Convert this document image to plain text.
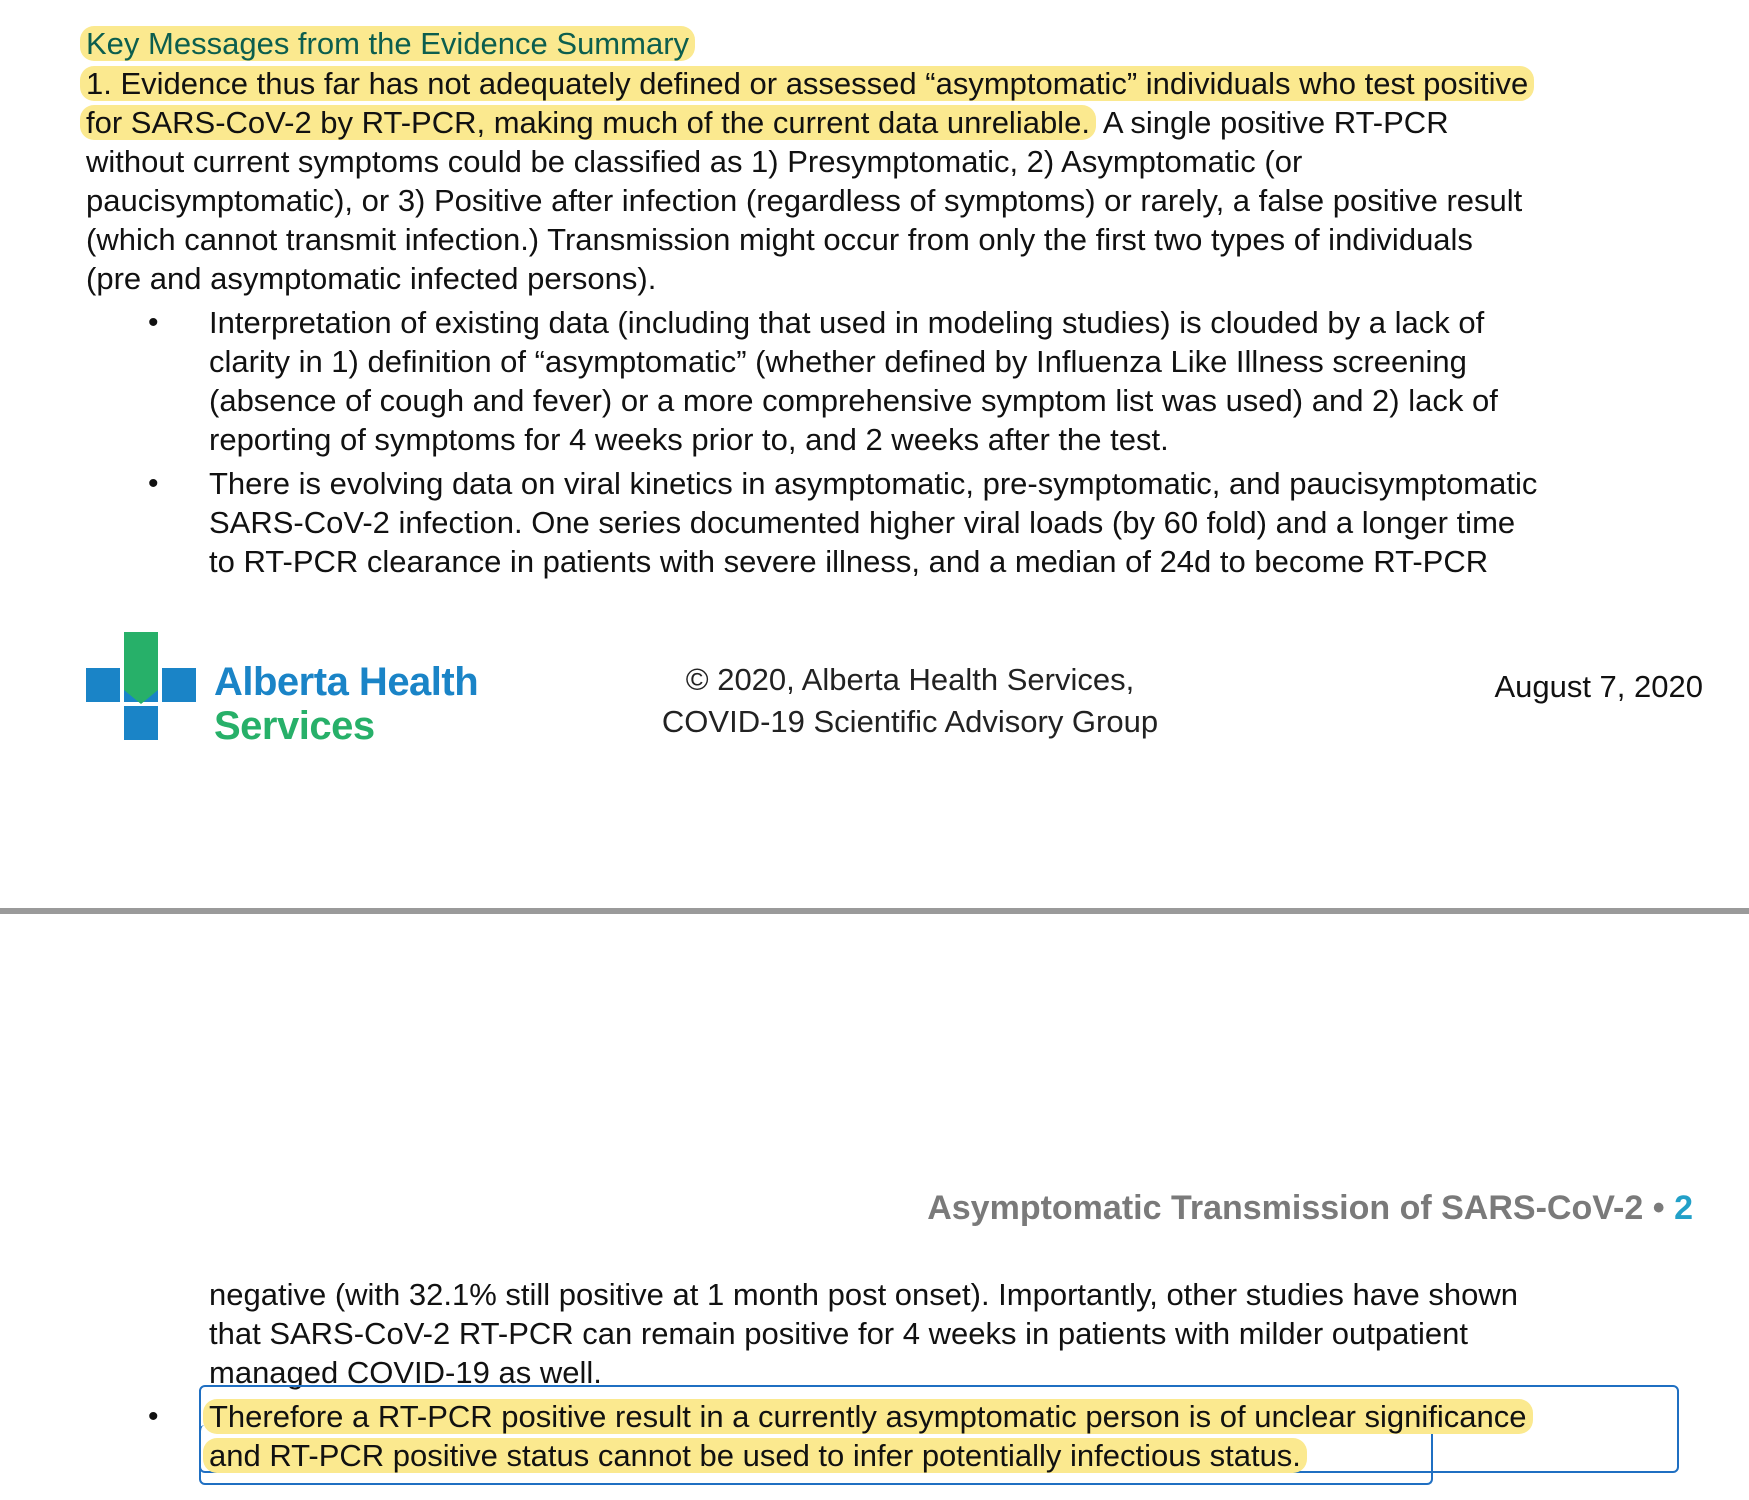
Key Messages from the Evidence Summary
1. Evidence thus far has not adequately defined or assessed “asymptomatic” individuals who test positive
for SARS-CoV-2 by RT-PCR, making much of the current data unreliable. A single positive RT-PCR
without current symptoms could be classified as 1) Presymptomatic, 2) Asymptomatic (or
paucisymptomatic), or 3) Positive after infection (regardless of symptoms) or rarely, a false positive result
(which cannot transmit infection.) Transmission might occur from only the first two types of individuals
(pre and asymptomatic infected persons).
• Interpretation of existing data (including that used in modeling studies) is clouded by a lack of
clarity in 1) definition of “asymptomatic” (whether defined by Influenza Like Illness screening
(absence of cough and fever) or a more comprehensive symptom list was used) and 2) lack of
reporting of symptoms for 4 weeks prior to, and 2 weeks after the test.
• There is evolving data on viral kinetics in asymptomatic, pre-symptomatic, and paucisymptomatic
SARS-CoV-2 infection. One series documented higher viral loads (by 60 fold) and a longer time
to RT-PCR clearance in patients with severe illness, and a median of 24d to become RT-PCR
Alberta Health
Services
© 2020, Alberta Health Services,
COVID-19 Scientific Advisory Group
August 7, 2020
Asymptomatic Transmission of SARS-CoV-2 • 2
negative (with 32.1% still positive at 1 month post onset). Importantly, other studies have shown
that SARS-CoV-2 RT-PCR can remain positive for 4 weeks in patients with milder outpatient
managed COVID-19 as well.
• Therefore a RT-PCR positive result in a currently asymptomatic person is of unclear significance
and RT-PCR positive status cannot be used to infer potentially infectious status.
